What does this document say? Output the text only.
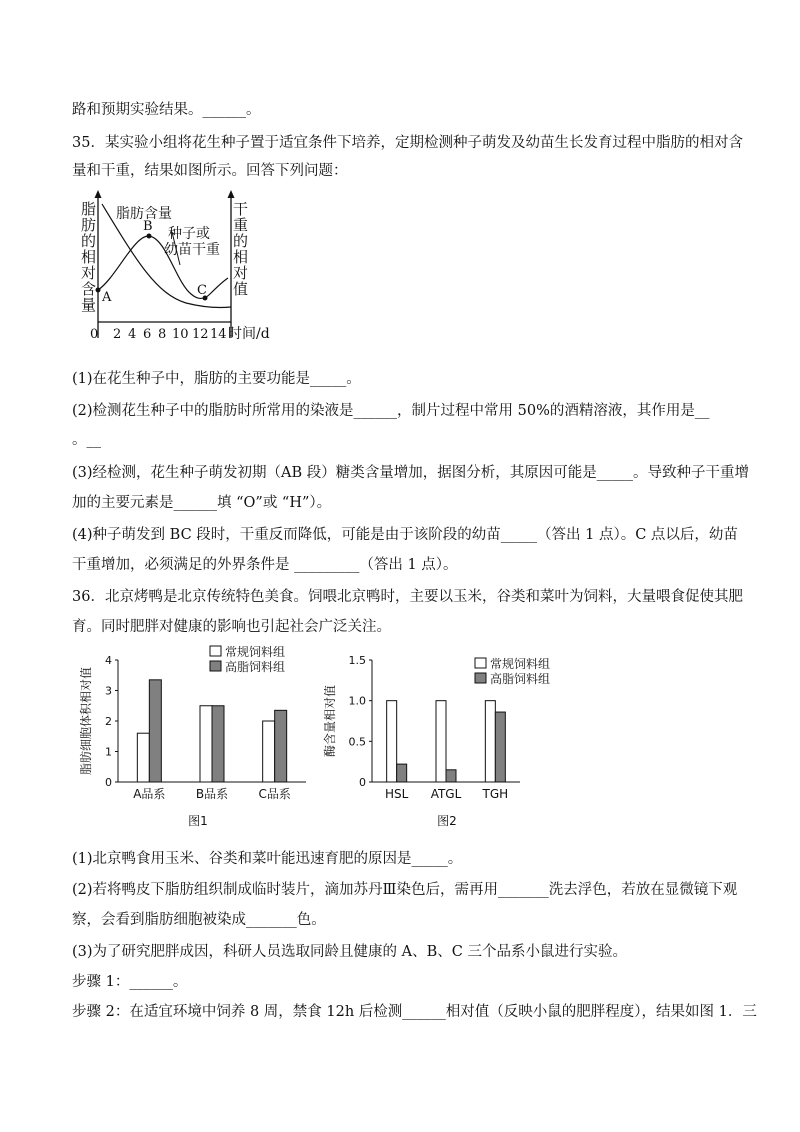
路和预期实验结果。______。
35．某实验小组将花生种子置于适宜条件下培养，定期检测种子萌发及幼苗生长发育过程中脂肪的相对含
量和干重，结果如图所示。回答下列问题：
A
B
C
脂肪含量
种子或
幼苗干重
0 2 4 6 8 10 12 14 时间/d
脂肪的相对含量
干重的相对值
(1)在花生种子中，脂肪的主要功能是_____。
(2)检测花生种子中的脂肪时所常用的染液是______，制片过程中常用 50%的酒精溶液，其作用是__
。__
(3)经检测，花生种子萌发初期（AB 段）糖类含量增加，据图分析，其原因可能是_____。导致种子干重增
加的主要元素是______填 “O”或 “H”）。
(4)种子萌发到 BC 段时，干重反而降低，可能是由于该阶段的幼苗_____（答出 1 点）。C 点以后，幼苗
干重增加，必须满足的外界条件是 _________（答出 1 点）。
36．北京烤鸭是北京传统特色美食。饲喂北京鸭时，主要以玉米，谷类和菜叶为饲料，大量喂食促使其肥
育。同时肥胖对健康的影响也引起社会广泛关注。
0
1
2
3
4
脂肪细胞体积相对值
A品系	B品系	C品系
常规饲料组
高脂饲料组
图1
0
0.5
1.0
1.5
酶含量相对值
HSL ATGL TGH
常规饲料组
高脂饲料组
图2
(1)北京鸭食用玉米、谷类和菜叶能迅速育肥的原因是_____。
(2)若将鸭皮下脂肪组织制成临时装片，滴加苏丹Ⅲ染色后，需再用_______洗去浮色，若放在显微镜下观
察，会看到脂肪细胞被染成_______色。
(3)为了研究肥胖成因，科研人员选取同龄且健康的 A、B、C 三个品系小鼠进行实验。
步骤 1：______。
步骤 2：在适宜环境中饲养 8 周，禁食 12h 后检测______相对值（反映小鼠的肥胖程度），结果如图 1．三
